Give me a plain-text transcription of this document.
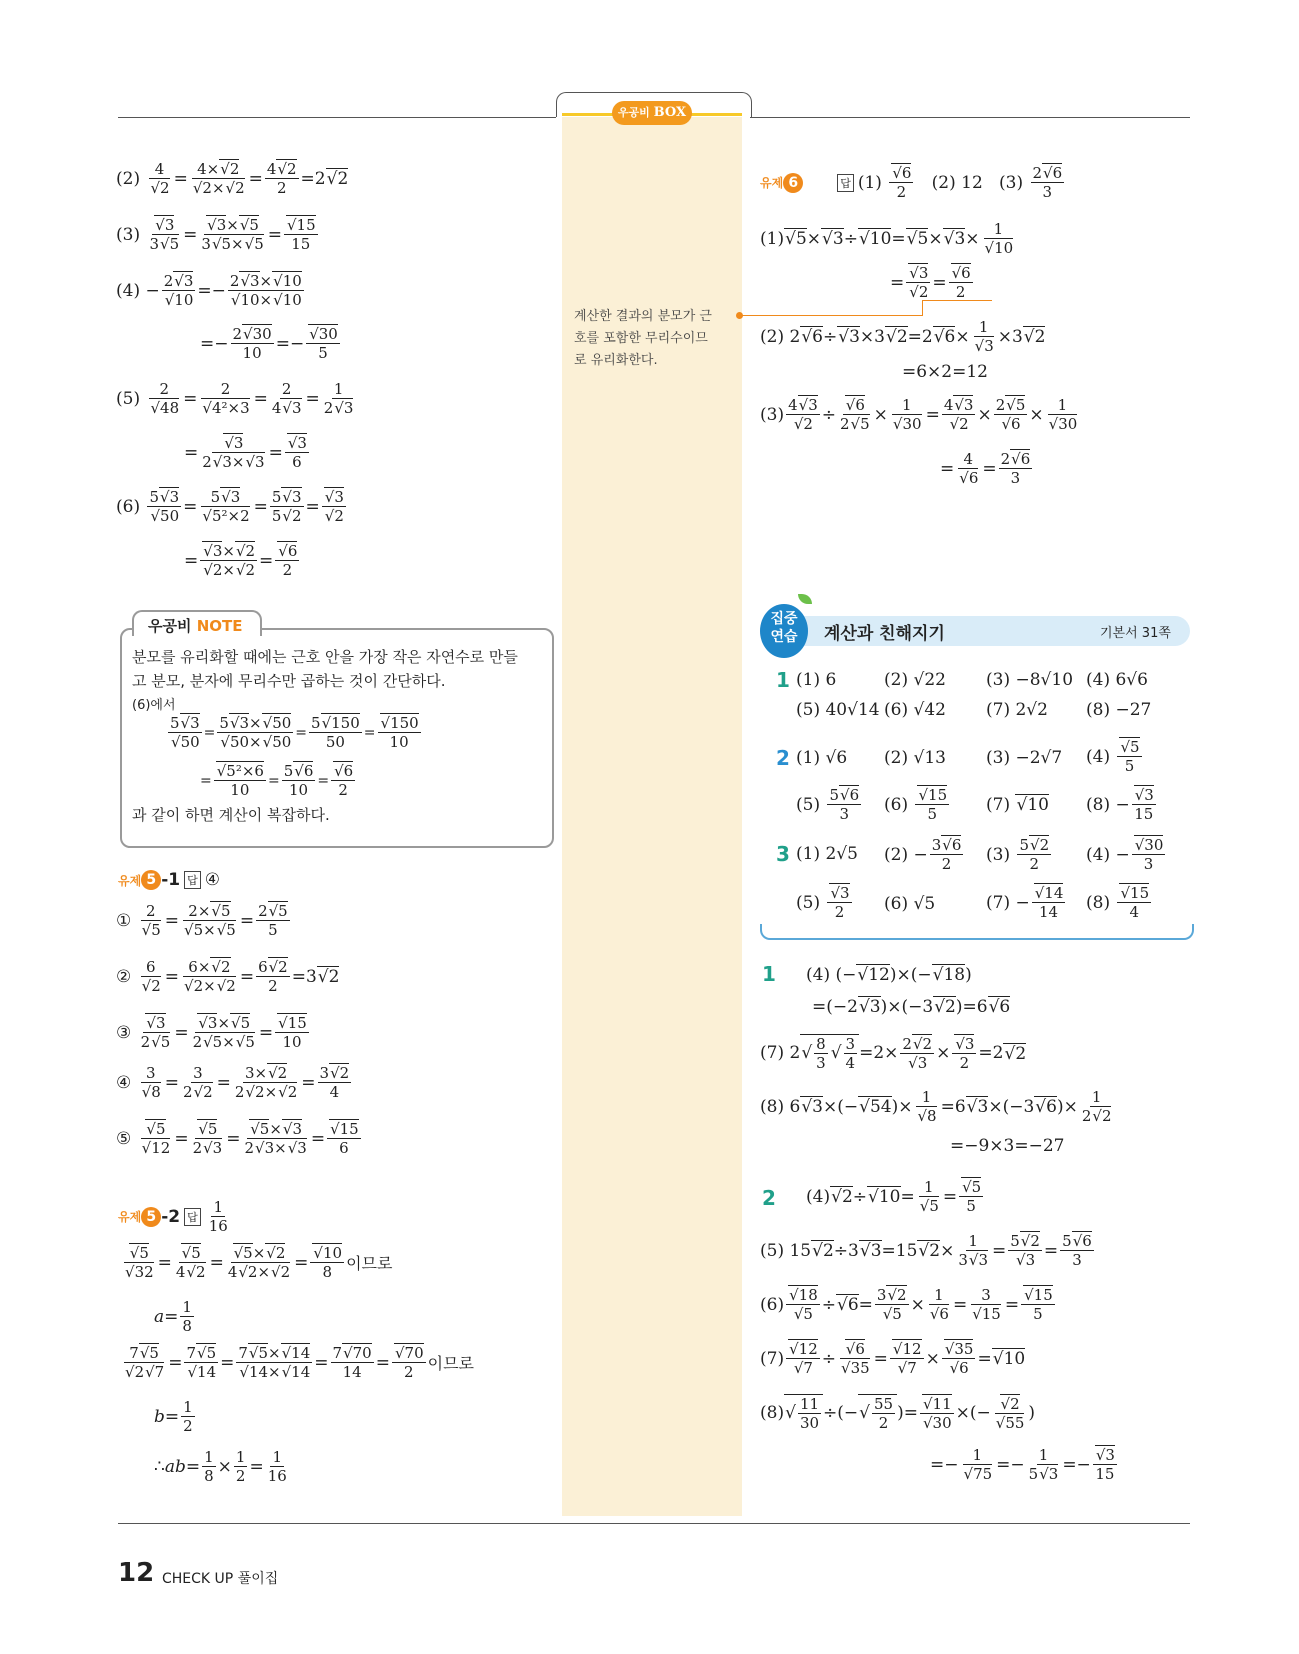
우공비 BOX
(2) 4
√ 2 = 4×√ 2
√ 2×√ $2 = \frac{4√ 2}{2} =2$
√ 2
(3)
√ $\frac{3}{3√ 5}$ =
√ $\frac{3\times√ 5}{3√ 5\times√ 5}$ =
√ $\frac{15}{15}$
(4) − 2√ 3
√ 10 =− 2√ 3×√ 10
√ 10×√ 10
=− $\frac{2√ 30}{10}$ =−
√ $\frac{30}{5}$
(5) 2
√ 48 = 2
√ $4^2\times 3 = \frac{2}{4√ 3} = \frac{1}{2√ 3}$
=
√ $\frac{3}{2√ 3\times√ 3}$ =
√ $\frac{3}{6}$
(6) 5√ 3
√ 50 = 5√ 3
√ $5^2\times 2 = \frac{5√ 3}{5√ 2}$ =
√ 3
√ 2
=
√ 3×√ 2
√ 2×√ 2 =
√ $\frac{6}{2}$
우공비 NOTE
분모를 유리화할 때에는 근호 안을 가장 작은 자연수로 만들
고 분모, 분자에 무리수만 곱하는 것이 간단하다.
(6)에서
5√ 3
√ 50 = 5√ 3×√ 50
√ 50×√ $50 = \frac{5√ 150}{50}$ =
√ $\frac{150}{10}$
=
√ $\frac{\text{5²×6}}{10} = \frac{5√ 6}{10}$ =
√ $\frac{6}{2}$
과 같이 하면 계산이 복잡하다.
유제 5 -1 답 ④
① 2
√ 5 = 2×√ 5
√ 5×√ $5 = \frac{2√ 5}{5}$
② 6
√ 2 = 6×√ 2
√ 2×√ $2 = \frac{6√ 2}{2} =3$
√ 2
③
√ $\frac{3}{2√ 5}$ =
√ $\frac{3\times√ 5}{2√ 5\times√ 5}$ =
√ $\frac{15}{10}$
④ 3
√ $8 = \frac{3}{2√ 2} = \frac{3\times√ 2}{2√ 2\times√ 2} = \frac{3√ 2}{4}$
⑤
√ 5
√ 12 =
√ $\frac{5}{2√ 3}$ =
√ $\frac{5\times√ 3}{2√ 3\times√ 3}$ =
√ $\frac{15}{6}$
유제 5 -2 답 $\frac{1}{16}$
√ 5
√ 32 =
√ $\frac{5}{4√ 2}$ =
√ $\frac{5\times√ 2}{4√ 2\times√ 2}$ =
√ $\frac{10}{8}$ 이므로
$a = \frac{1}{8}$
7√ 5
√ 2√ 7 = 7√ 5
√ 14 = 7√ 5×√ 14
√ 14×√ $14 = \frac{7√ 70}{14}$ =
√ $\frac{70}{2}$ 이므로
$b = \frac{1}{2}$
∴ ab = $\frac{1}{8} \times \frac{1}{2} = \frac{1}{16}$
계산한 결과의 분모가 근
호를 포함한 무리수이므
로 유리화한다.
유제 6	답 (1)

√ $\frac{6}{2}$
(2) 12
(3)
$\frac{2√ 6}{3}$
(1)
√ 5 ×
√ 3 ÷
√ 10 =
√ 5 ×
√ 3 × 1
√ 10
=
√ 3
√ 2 =
√ $\frac{6}{2}$
(2) 2
√ 6 ÷
√ 3 ×3
√ 2 =2
√ 6 × 1
√ 3 ×3
√ 2
=6×2=12
(3) 4√ 3
√ 2 ÷
√ $\frac{6}{2√ 5} \times 1$
√ 30 = 4√ 3
√ 2 × 2√ 5
√ 6 × 1
√ 30
= 4
√ $6 = \frac{2√ 6}{3}$
집중
연습	계산과 친해지기	기본서 31쪽
1 (1) 6	(2) √22 (3) −8√10 (4) 6√6
(5) 40√14 (6) √42 (7) 2√2 (8) −27
2 (1) √6 (2) √13 (3) −2√7 (4)
√ $\frac{5}{5}$
$(5) \frac{5√ 6}{3} (6)$
√ $\frac{15}{5} (7)$
√ 10 (8) −
√ $\frac{3}{15}$
3 (1) 2√5 $(2) - \frac{3√ 6}{2} (3) \frac{5√ 2}{2} (4)$ −
√ $\frac{30}{3}$
(5)
√ $\frac{3}{2} (6)$ √5	(7) −
√ $\frac{14}{14} (8)$
√ $\frac{15}{4}$
1 (4) (−
√ 12 )×(−
√ 18 )
=(−2
√ 3 )×(−3
√ 2 )=6
√ 6
(7) 2
√ $\frac{8}{3}$
√ $\frac{3}{4} =2\times 2√$ 2
√ 3 ×
√ $\frac{3}{2} =2$
√ 2
(8) 6
√ 3 ×(−
√ 54 )× 1
√ 8 =6
√ 3 ×(−3
√ 6 )× $\frac{1}{2√ 2}$
=−9×3=−27
2 (4)
√ 2 ÷
√ 10 = 1
√ 5 =
√ $\frac{5}{5}$
(5) 15
√ 2 ÷3
√ 3 =15
√ $2 \times \frac{1}{3√ 3} = 5√$ 2
√ $3 = \frac{5√ 6}{3}$
(6)
√ 18
√ 5 ÷
√ 6 = 3√ 2
√ 5 × 1
√ 6 = 3
√ 15 =
√ $\frac{15}{5}$
(7)
√ 12
√ 7 ÷
√ 6
√ 35 =
√ 12
√ 7 ×
√ 35
√ 6 =
√ 10
(8)
√ $\frac{11}{30}$ ÷(−
√ $\frac{55}{2}$ )=
√ 11
√ 30 ×(−
√ 2
√ 55 )
=− 1
√ $75 =- \frac{1}{5√ 3}$ =−
√ $\frac{3}{15}$
12 CHECK UP 풀이집
